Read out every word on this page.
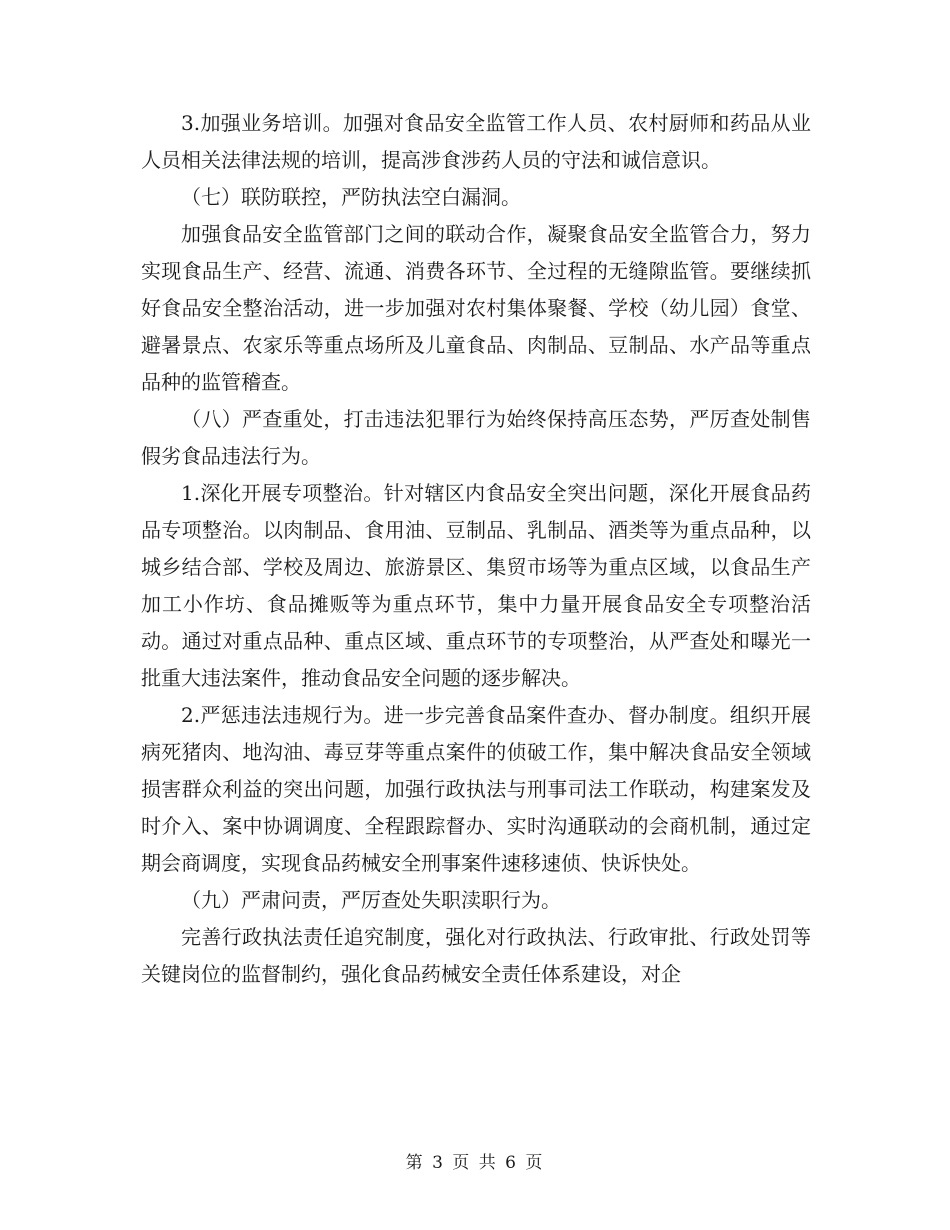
3.加强业务培训。加强对食品安全监管工作人员、农村厨师和药品从业人员相关法律法规的培训，提高涉食涉药人员的守法和诚信意识。

（七）联防联控，严防执法空白漏洞。

加强食品安全监管部门之间的联动合作，凝聚食品安全监管合力，努力实现食品生产、经营、流通、消费各环节、全过程的无缝隙监管。要继续抓好食品安全整治活动，进一步加强对农村集体聚餐、学校（幼儿园）食堂、避暑景点、农家乐等重点场所及儿童食品、肉制品、豆制品、水产品等重点品种的监管稽查。

（八）严查重处，打击违法犯罪行为始终保持高压态势，严厉查处制售假劣食品违法行为。

1.深化开展专项整治。针对辖区内食品安全突出问题，深化开展食品药品专项整治。以肉制品、食用油、豆制品、乳制品、酒类等为重点品种，以城乡结合部、学校及周边、旅游景区、集贸市场等为重点区域，以食品生产加工小作坊、食品摊贩等为重点环节，集中力量开展食品安全专项整治活动。通过对重点品种、重点区域、重点环节的专项整治，从严查处和曝光一批重大违法案件，推动食品安全问题的逐步解决。

2.严惩违法违规行为。进一步完善食品案件查办、督办制度。组织开展病死猪肉、地沟油、毒豆芽等重点案件的侦破工作，集中解决食品安全领域损害群众利益的突出问题，加强行政执法与刑事司法工作联动，构建案发及时介入、案中协调调度、全程跟踪督办、实时沟通联动的会商机制，通过定期会商调度，实现食品药械安全刑事案件速移速侦、快诉快处。

（九）严肃问责，严厉查处失职渎职行为。

完善行政执法责任追究制度，强化对行政执法、行政审批、行政处罚等关键岗位的监督制约，强化食品药械安全责任体系建设，对企

第 3 页 共 6 页
